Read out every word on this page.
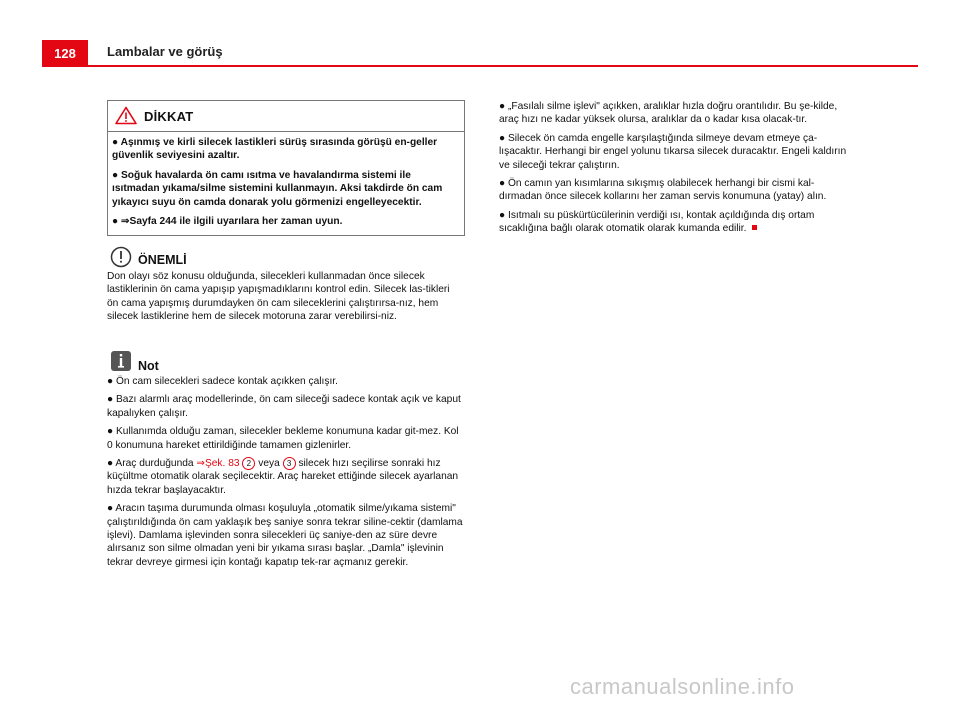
128	Lambalar ve görüş
DİKKAT

● Aşınmış ve kirli silecek lastikleri sürüş sırasında görüşü en-geller güvenlik seviyesini azaltır.

● Soğuk havalarda ön camı ısıtma ve havalandırma sistemi ile ısıtmadan yıkama/silme sistemini kullanmayın. Aksi takdirde ön cam yıkayıcı suyu ön camda donarak yolu görmenizi engelleyecektir.

● ⇒Sayfa 244 ile ilgili uyarılara her zaman uyun.

ÖNEMLİ

Don olayı söz konusu olduğunda, silecekleri kullanmadan önce silecek lastiklerinin ön cama yapışıp yapışmadıklarını kontrol edin. Silecek las-tikleri ön cama yapışmış durumdayken ön cam sileceklerini çalıştırırsa-nız, hem silecek lastiklerine hem de silecek motoruna zarar verebilirsi-niz.

Not

● Ön cam silecekleri sadece kontak açıkken çalışır.

● Bazı alarmlı araç modellerinde, ön cam sileceği sadece kontak açık ve kaput kapalıyken çalışır.

● Kullanımda olduğu zaman, silecekler bekleme konumuna kadar git-mez. Kol 0 konumuna hareket ettirildiğinde tamamen gizlenirler.

● Araç durduğunda ⇒Şek. 83 2 veya 3 silecek hızı seçilirse sonraki hız küçültme otomatik olarak seçilecektir. Araç hareket ettiğinde silecek ayarlanan hızda tekrar başlayacaktır.

● Aracın taşıma durumunda olması koşuluyla „otomatik silme/yıkama sistemi" çalıştırıldığında ön cam yaklaşık beş saniye sonra tekrar siline-cektir (damlama işlevi). Damlama işlevinden sonra silecekleri üç saniye-den az süre devre alırsanız son silme olmadan yeni bir yıkama sırası başlar. „Damla" işlevinin tekrar devreye girmesi için kontağı kapatıp tek-rar açmanız gerekir.

● „Fasılalı silme işlevi" açıkken, aralıklar hızla doğru orantılıdır. Bu şe-kilde, araç hızı ne kadar yüksek olursa, aralıklar da o kadar kısa olacak-tır.

● Silecek ön camda engelle karşılaştığında silmeye devam etmeye ça-lışacaktır. Herhangi bir engel yolunu tıkarsa silecek duracaktır. Engeli kaldırın ve sileceği tekrar çalıştırın.

● Ön camın yan kısımlarına sıkışmış olabilecek herhangi bir cismi kal-dırmadan önce silecek kollarını her zaman servis konumuna (yatay) alın.

● Isıtmalı su püskürtücülerinin verdiği ısı, kontak açıldığında dış ortam sıcaklığına bağlı olarak otomatik olarak kumanda edilir.

carmanualsonline.info
